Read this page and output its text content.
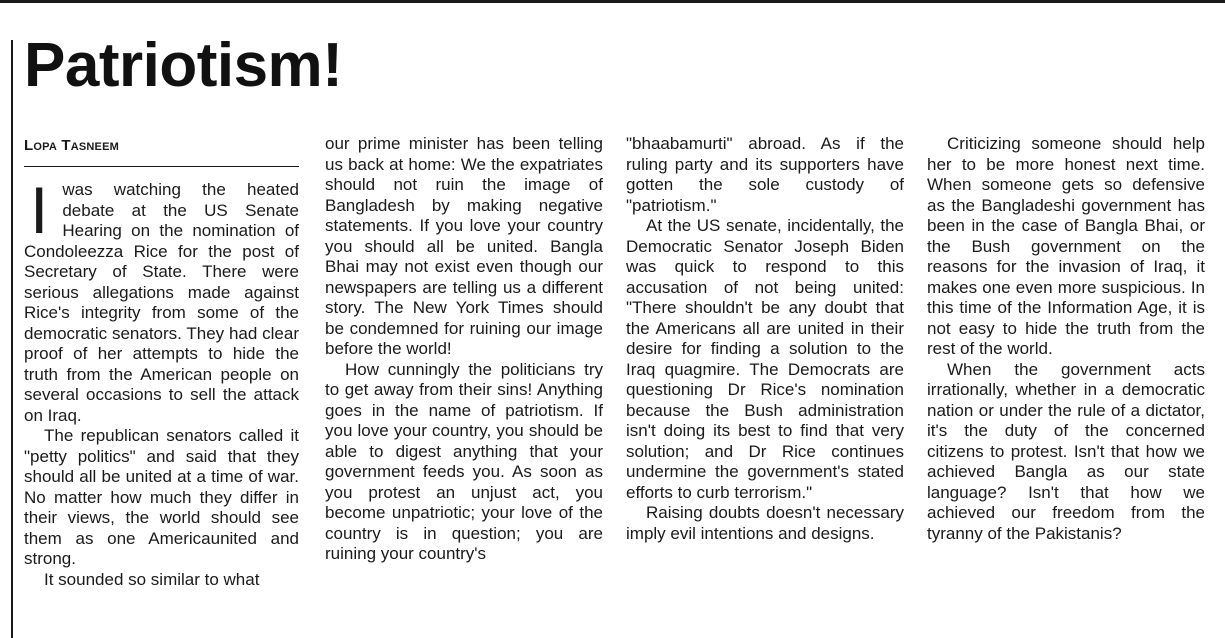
Patriotism!
Lopa Tasneem

Iwas watching the heated debate at the US Senate Hearing on the nomination of Condoleezza Rice for the post of Secretary of State. There were serious allegations made against Rice's integrity from some of the democratic senators. They had clear proof of her attempts to hide the truth from the American people on several occasions to sell the attack on Iraq.

The republican senators called it "petty politics" and said that they should all be united at a time of war. No matter how much they differ in their views, the world should see them as one Americaunited and strong.

It sounded so similar to what

our prime minister has been telling us back at home: We the expatriates should not ruin the image of Bangladesh by making negative statements. If you love your country you should all be united. Bangla Bhai may not exist even though our newspapers are telling us a different story. The New York Times should be condemned for ruining our image before the world!

How cunningly the politicians try to get away from their sins! Anything goes in the name of patriotism. If you love your country, you should be able to digest anything that your government feeds you. As soon as you protest an unjust act, you become unpatriotic; your love of the country is in question; you are ruining your country's

"bhaabamurti" abroad. As if the ruling party and its supporters have gotten the sole custody of "patriotism."

At the US senate, incidentally, the Democratic Senator Joseph Biden was quick to respond to this accusation of not being united: "There shouldn't be any doubt that the Americans all are united in their desire for finding a solution to the Iraq quagmire. The Democrats are questioning Dr Rice's nomination because the Bush administration isn't doing its best to find that very solution; and Dr Rice continues undermine the government's stated efforts to curb terrorism."

Raising doubts doesn't necessary imply evil intentions and designs.

Criticizing someone should help her to be more honest next time. When someone gets so defensive as the Bangladeshi government has been in the case of Bangla Bhai, or the Bush government on the reasons for the invasion of Iraq, it makes one even more suspicious. In this time of the Information Age, it is not easy to hide the truth from the rest of the world.

When the government acts irrationally, whether in a democratic nation or under the rule of a dictator, it's the duty of the concerned citizens to protest. Isn't that how we achieved Bangla as our state language? Isn't that how we achieved our freedom from the tyranny of the Pakistanis?
